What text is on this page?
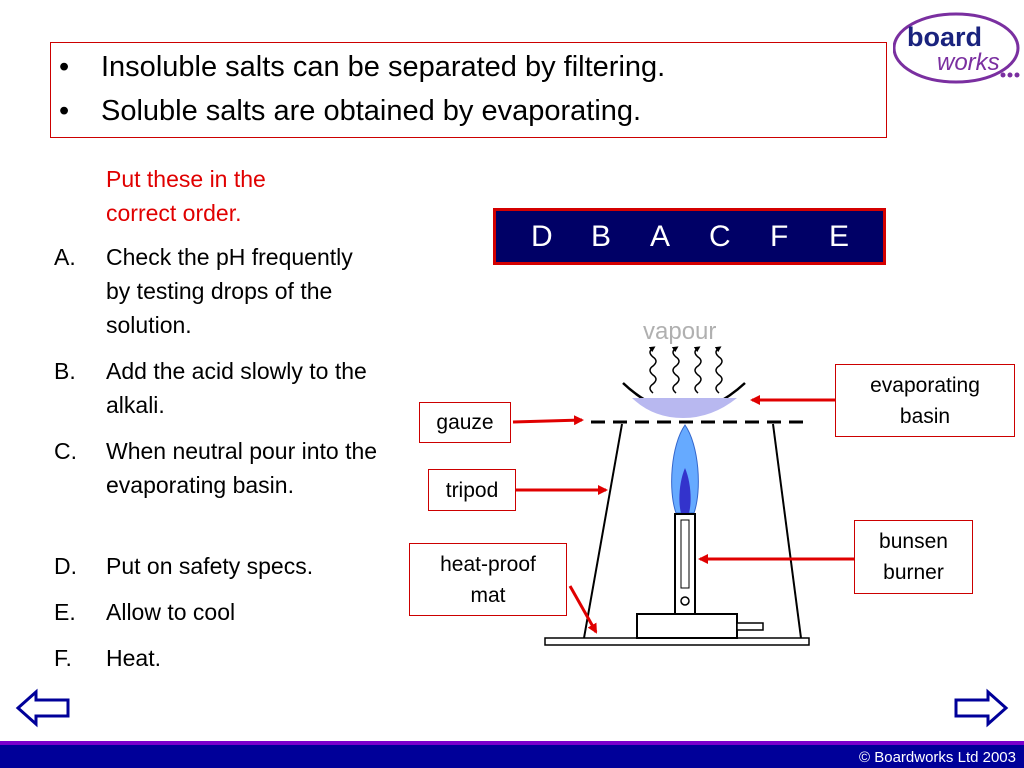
• Insoluble salts can be separated by filtering.
• Soluble salts are obtained by evaporating.
board
works
Put these in the correct order.
A. Check the pH frequently by testing drops of the solution.
B. Add the acid slowly to the alkali.
C. When neutral pour into the evaporating basin.
D. Put on safety specs.
E. Allow to cool
F. Heat.
D B A C F E
vapour
gauze
tripod
heat-proof mat
evaporating basin
bunsen burner
© Boardworks Ltd 2003
